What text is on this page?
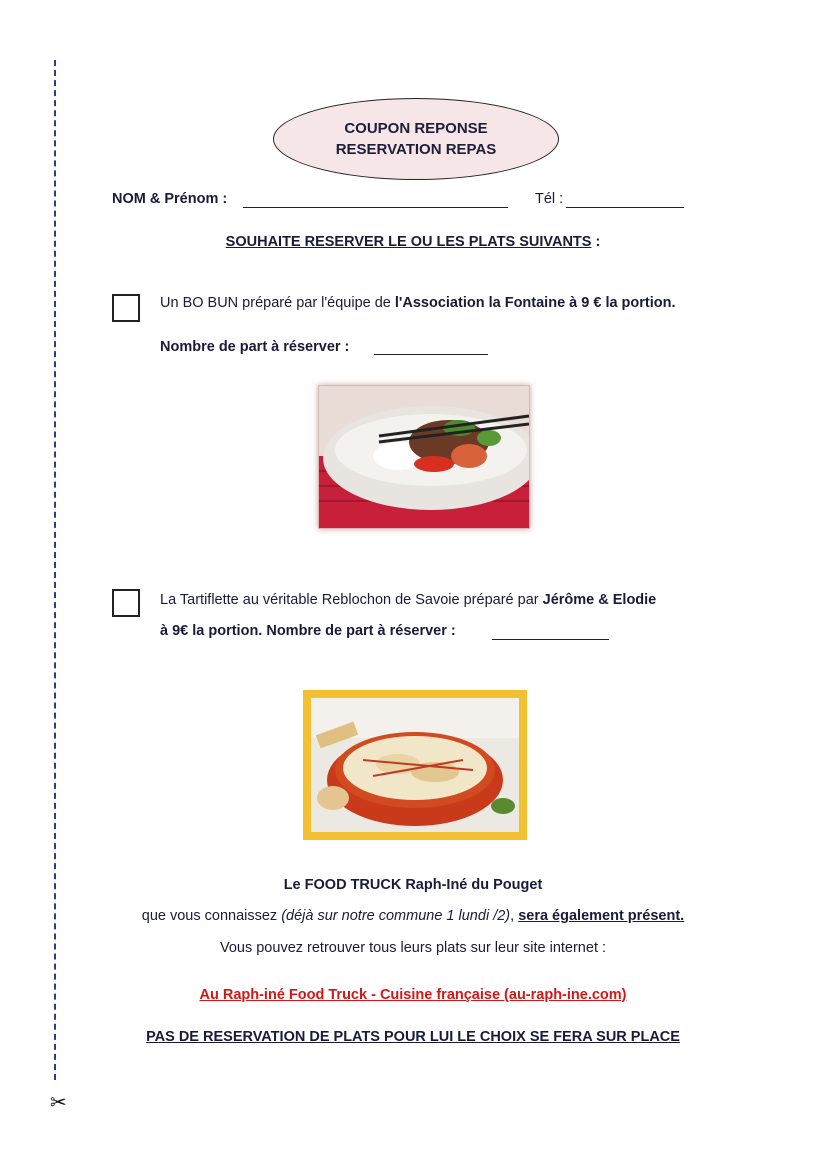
✂
COUPON REPONSE
RESERVATION REPAS
NOM & Prénom :	Tél :
SOUHAITE RESERVER LE OU LES PLATS SUIVANTS :
Un BO BUN préparé par l'équipe de l'Association la Fontaine à 9 € la portion.
Nombre de part à réserver :
La Tartiflette au véritable Reblochon de Savoie préparé par Jérôme & Elodie
à 9€ la portion. Nombre de part à réserver :
Le FOOD TRUCK Raph-Iné du Pouget
que vous connaissez (déjà sur notre commune 1 lundi /2), sera également présent.
Vous pouvez retrouver tous leurs plats sur leur site internet :
Au Raph-iné Food Truck - Cuisine française (au-raph-ine.com)
PAS DE RESERVATION DE PLATS POUR LUI LE CHOIX SE FERA SUR PLACE
